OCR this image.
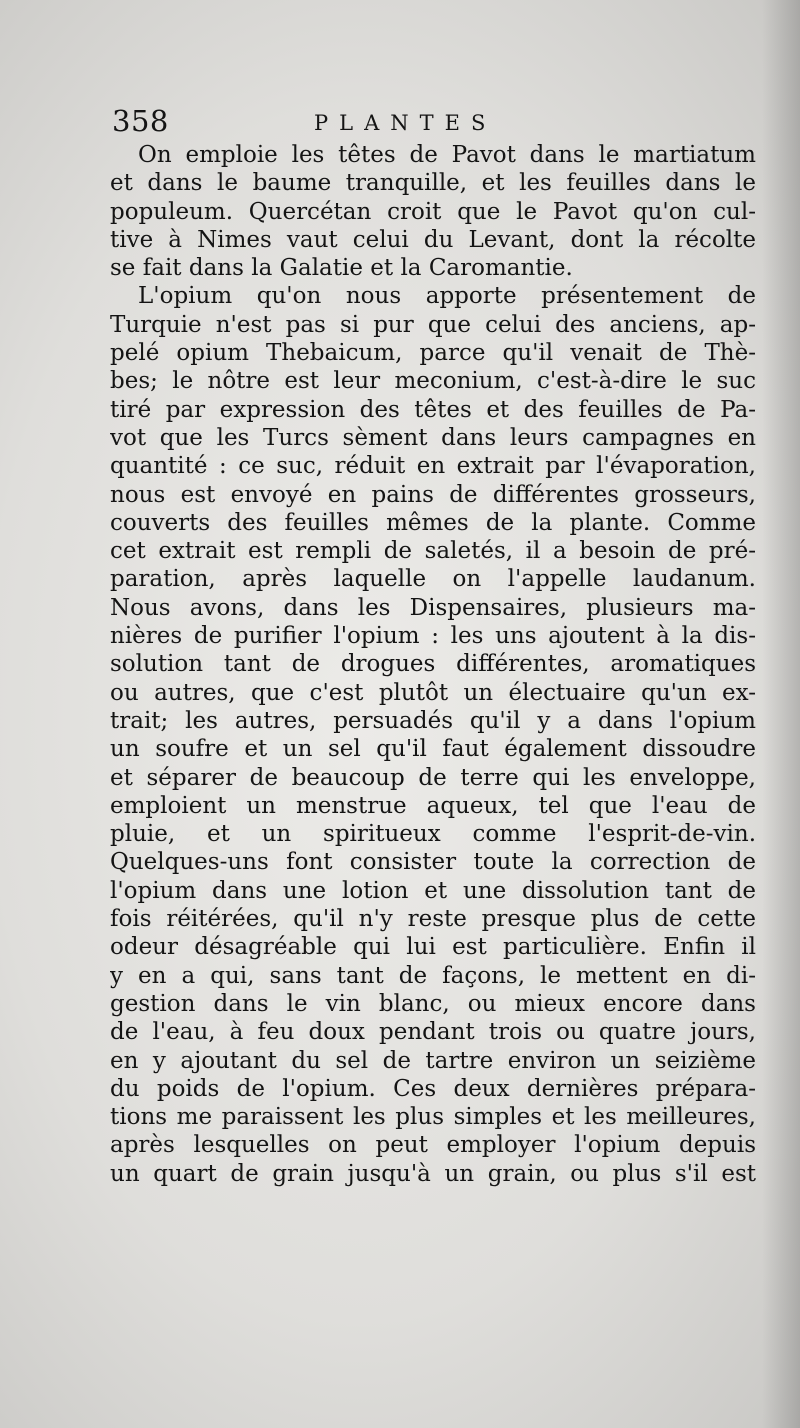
358	PLANTES
On emploie les têtes de Pavot dans le martiatum
et dans le baume tranquille, et les feuilles dans le
populeum. Quercétan croit que le Pavot qu'on cul-
tive à Nimes vaut celui du Levant, dont la récolte
se fait dans la Galatie et la Caromantie.
L'opium qu'on nous apporte présentement de
Turquie n'est pas si pur que celui des anciens, ap-
pelé opium Thebaicum, parce qu'il venait de Thè-
bes; le nôtre est leur meconium, c'est-à-dire le suc
tiré par expression des têtes et des feuilles de Pa-
vot que les Turcs sèment dans leurs campagnes en
quantité : ce suc, réduit en extrait par l'évaporation,
nous est envoyé en pains de différentes grosseurs,
couverts des feuilles mêmes de la plante. Comme
cet extrait est rempli de saletés, il a besoin de pré-
paration, après laquelle on l'appelle laudanum.
Nous avons, dans les Dispensaires, plusieurs ma-
nières de purifier l'opium : les uns ajoutent à la dis-
solution tant de drogues différentes, aromatiques
ou autres, que c'est plutôt un électuaire qu'un ex-
trait; les autres, persuadés qu'il y a dans l'opium
un soufre et un sel qu'il faut également dissoudre
et séparer de beaucoup de terre qui les enveloppe,
emploient un menstrue aqueux, tel que l'eau de
pluie, et un spiritueux comme l'esprit-de-vin.
Quelques-uns font consister toute la correction de
l'opium dans une lotion et une dissolution tant de
fois réitérées, qu'il n'y reste presque plus de cette
odeur désagréable qui lui est particulière. Enfin il
y en a qui, sans tant de façons, le mettent en di-
gestion dans le vin blanc, ou mieux encore dans
de l'eau, à feu doux pendant trois ou quatre jours,
en y ajoutant du sel de tartre environ un seizième
du poids de l'opium. Ces deux dernières prépara-
tions me paraissent les plus simples et les meilleures,
après lesquelles on peut employer l'opium depuis
un quart de grain jusqu'à un grain, ou plus s'il est
